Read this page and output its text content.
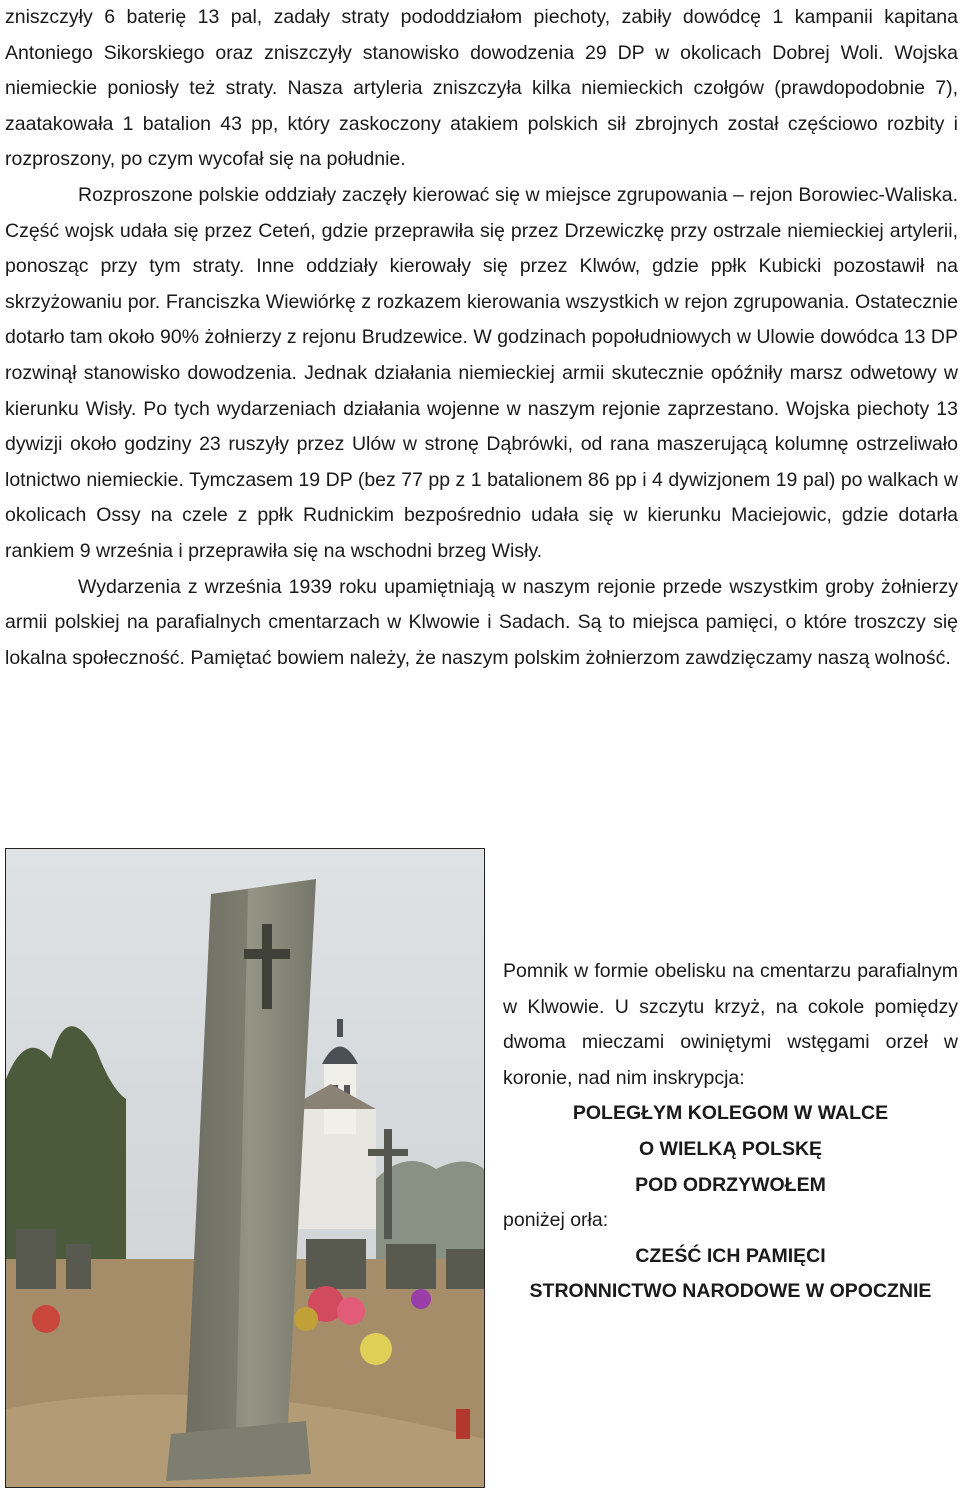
zniszczyły 6 baterię 13 pal, zadały straty pododdziałom piechoty, zabiły dowódcę 1 kampanii kapitana Antoniego Sikorskiego oraz zniszczyły stanowisko dowodzenia 29 DP w okolicach Dobrej Woli. Wojska niemieckie poniosły też straty. Nasza artyleria zniszczyła kilka niemieckich czołgów (prawdopodobnie 7), zaatakowała 1 batalion 43 pp, który zaskoczony atakiem polskich sił zbrojnych został częściowo rozbity i rozproszony, po czym wycofał się na południe.

Rozproszone polskie oddziały zaczęły kierować się w miejsce zgrupowania – rejon Borowiec-Waliska. Część wojsk udała się przez Ceteń, gdzie przeprawiła się przez Drzewiczkę przy ostrzale niemieckiej artylerii, ponosząc przy tym straty. Inne oddziały kierowały się przez Klwów, gdzie ppłk Kubicki pozostawił na skrzyżowaniu por. Franciszka Wiewiórkę z rozkazem kierowania wszystkich w rejon zgrupowania. Ostatecznie dotarło tam około 90% żołnierzy z rejonu Brudzewice. W godzinach popołudniowych w Ulowie dowódca 13 DP rozwinął stanowisko dowodzenia. Jednak działania niemieckiej armii skutecznie opóźniły marsz odwetowy w kierunku Wisły. Po tych wydarzeniach działania wojenne w naszym rejonie zaprzestano. Wojska piechoty 13 dywizji około godziny 23 ruszyły przez Ulów w stronę Dąbrówki, od rana maszerującą kolumnę ostrzeliwało lotnictwo niemieckie. Tymczasem 19 DP (bez 77 pp z 1 batalionem 86 pp i 4 dywizjonem 19 pal) po walkach w okolicach Ossy na czele z ppłk Rudnickim bezpośrednio udała się w kierunku Maciejowic, gdzie dotarła rankiem 9 września i przeprawiła się na wschodni brzeg Wisły.

Wydarzenia z września 1939 roku upamiętniają w naszym rejonie przede wszystkim groby żołnierzy armii polskiej na parafialnych cmentarzach w Klwowie i Sadach. Są to miejsca pamięci, o które troszczy się lokalna społeczność. Pamiętać bowiem należy, że naszym polskim żołnierzom zawdzięczamy naszą wolność.

Pomnik w formie obelisku na cmentarzu parafialnym w Klwowie. U szczytu krzyż, na cokole pomiędzy dwoma mieczami owiniętymi wstęgami orzeł w koronie, nad nim inskrypcja:

POLEGŁYM KOLEGOM W WALCE

O WIELKĄ POLSKĘ

POD ODRZYWOŁEM

poniżej orła:

CZEŚĆ ICH PAMIĘCI

STRONNICTWO NARODOWE W OPOCZNIE
